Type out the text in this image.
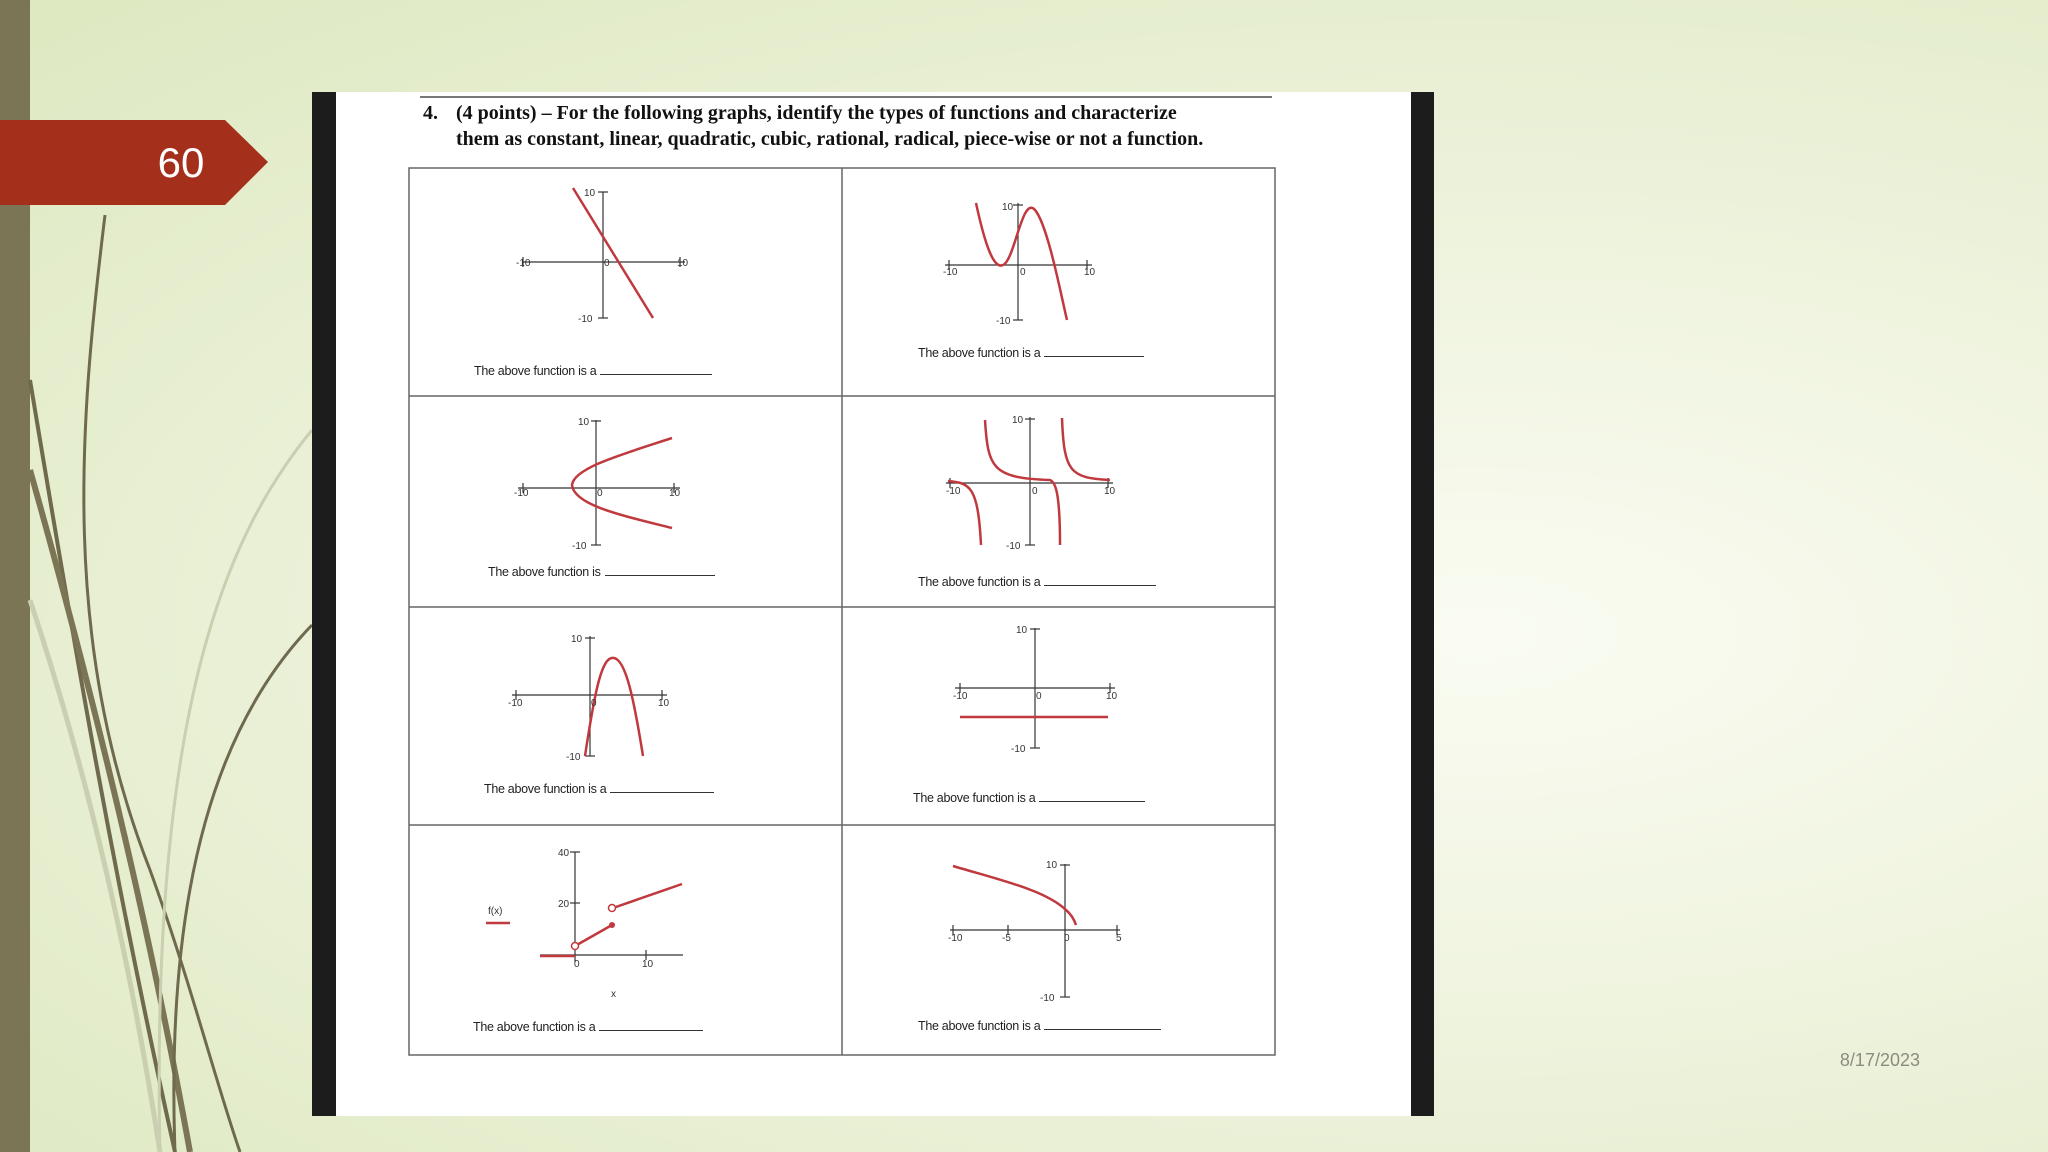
60
8/17/2023
4. (4 points) – For the following graphs, identify the types of functions and characterize
them as constant, linear, quadratic, cubic, rational, radical, piece-wise or not a function.
10
-10	0	10
-10
10
-10	0	10
-10
10
-10	0	10
-10
10
-10	0	10
-10
10
-10	0	10
-10
10
-10	0	10
-10
40
20
0	10
f(x)
x
10
-10	-5	0	5
-10
The above function is a
The above function is a
The above function is
The above function is a
The above function is a
The above function is a
The above function is a	The above function is a
